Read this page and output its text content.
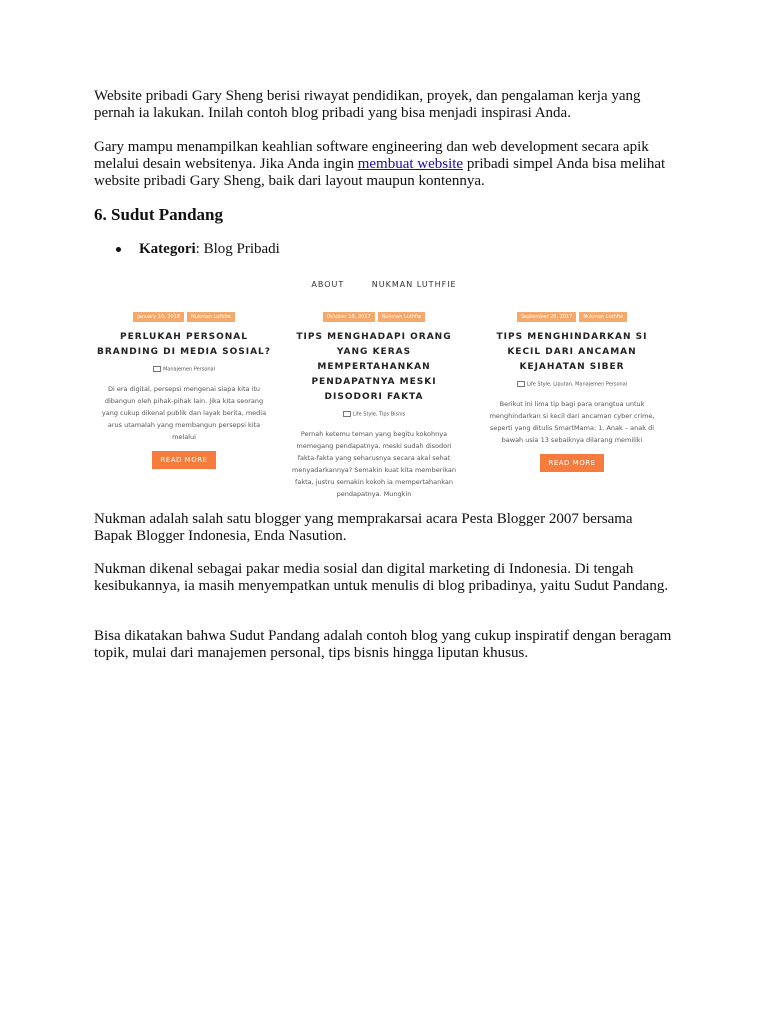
Website pribadi Gary Sheng berisi riwayat pendidikan, proyek, dan pengalaman kerja yang pernah ia lakukan. Inilah contoh blog pribadi yang bisa menjadi inspirasi Anda.

Gary mampu menampilkan keahlian software engineering dan web development secara apik melalui desain websitenya. Jika Anda ingin membuat website pribadi simpel Anda bisa melihat website pribadi Gary Sheng, baik dari layout maupun kontennya.

6. Sudut Pandang
Kategori: Blog Pribadi
ABOUT	NUKMAN LUTHFIE
January 10, 2018	Nukman Luthfie
PERLUKAH PERSONAL BRANDING DI MEDIA SOSIAL?
Manajemen Personal
Di era digital, persepsi mengenai siapa kita itu dibangun oleh pihak-pihak lain. Jika kita seorang yang cukup dikenal publik dan layak berita, media arus utamalah yang membangun persepsi kita melalui
READ MORE
October 18, 2017	Nukman Luthfie
TIPS MENGHADAPI ORANG YANG KERAS MEMPERTAHANKAN PENDAPATNYA MESKI DISODORI FAKTA
Life Style, Tips Bisnis
Pernah ketemu teman yang begitu kokohnya memegang pendapatnya, meski sudah disodori fakta-fakta yang seharusnya secara akal sehat menyadarkannya? Semakin kuat kita memberikan fakta, justru semakin kokoh ia mempertahankan pendapatnya. Mungkin
September 28, 2017	Nukman Luthfie
TIPS MENGHINDARKAN SI KECIL DARI ANCAMAN KEJAHATAN SIBER
Life Style, Liputan, Manajemen Personal
Berikut ini lima tip bagi para orangtua untuk menghindarkan si kecil dari ancaman cyber crime, seperti yang ditulis SmartMama: 1. Anak – anak di bawah usia 13 sebaiknya dilarang memiliki
READ MORE

Nukman adalah salah satu blogger yang memprakarsai acara Pesta Blogger 2007 bersama Bapak Blogger Indonesia, Enda Nasution.

Nukman dikenal sebagai pakar media sosial dan digital marketing di Indonesia. Di tengah kesibukannya, ia masih menyempatkan untuk menulis di blog pribadinya, yaitu Sudut Pandang.

Bisa dikatakan bahwa Sudut Pandang adalah contoh blog yang cukup inspiratif dengan beragam topik, mulai dari manajemen personal, tips bisnis hingga liputan khusus.
